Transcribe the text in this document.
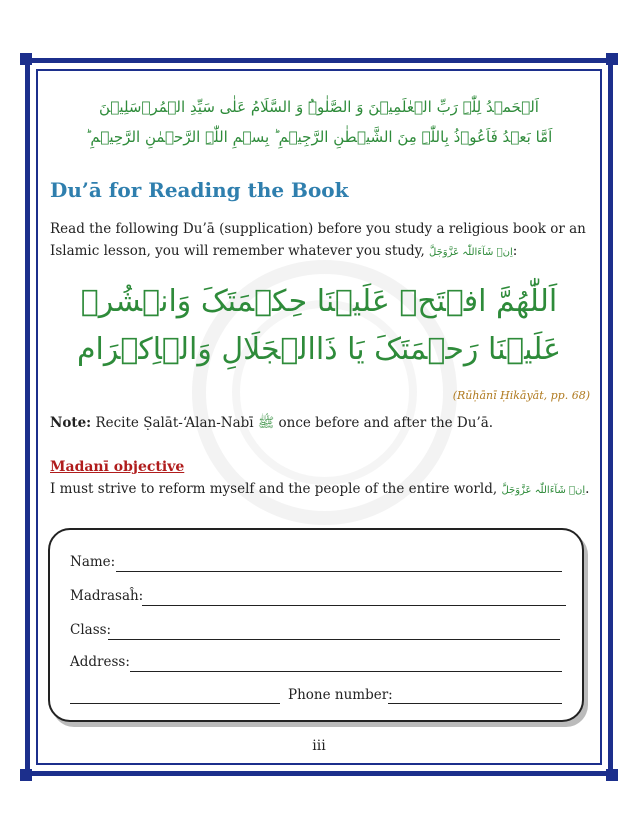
اَلۡحَمۡدُ لِلّٰہِ رَبِّ الۡعٰلَمِیۡنَ وَ الصَّلٰوۃُ وَ السَّلَامُ عَلٰی سَیِّدِ الۡمُرۡسَلِیۡنَ
اَمَّا بَعۡدُ فَاَعُوۡذُ بِاللّٰہِ مِنَ الشَّیۡطٰنِ الرَّجِیۡمِ ؕ بِسۡمِ اللّٰہِ الرَّحۡمٰنِ الرَّحِیۡمِ ؕ
Du’ā for Reading the Book

Read the following Du’ā (supplication) before you study a religious book or an Islamic lesson, you will remember whatever you study, اِنۡ شَآءَاللّٰہ عَزَّوَجَلَّ:

اَللّٰھُمَّ افۡتَحۡ عَلَیۡنَا حِکۡمَتَکَ وَانۡشُرۡ
عَلَیۡنَا رَحۡمَتَکَ یَا ذَاالۡجَلَالِ وَالۡاِکۡرَام
(Rūḥānī Ḥikāyāt, pp. 68)
Note: Recite Ṣalāt-‘Alan-Nabī ﷺ once before and after the Du’ā.
Madanī objective
I must strive to reform myself and the people of the entire world, اِنۡ شَآءَاللّٰہ عَزَّوَجَلَّ.
Name:
Madrasaĥ:
Class:
Address:
Phone number:
iii
